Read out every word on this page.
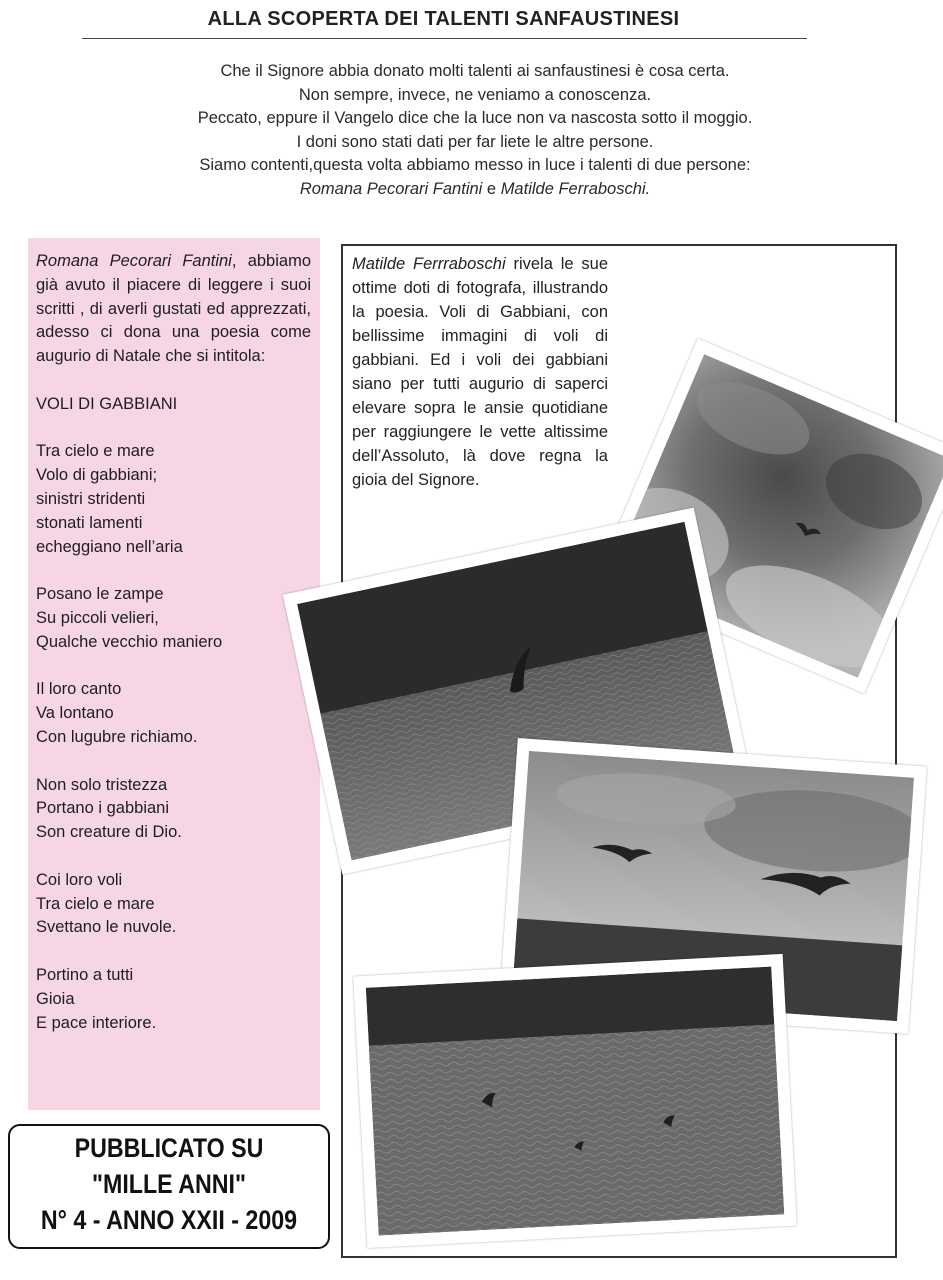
ALLA SCOPERTA DEI TALENTI SANFAUSTINESI
Che il Signore abbia donato molti talenti ai sanfaustinesi è cosa certa.
Non sempre, invece, ne veniamo a conoscenza.
Peccato, eppure il Vangelo dice che la luce non va nascosta sotto il moggio.
I doni sono stati dati per far liete le altre persone.
Siamo contenti,questa volta abbiamo messo in luce i talenti di due persone:
Romana Pecorari Fantini e Matilde Ferraboschi.
Romana Pecorari Fantini, abbiamo già avuto il piacere di leggere i suoi scritti , di averli gustati ed apprezzati, adesso ci dona una poesia come augurio di Natale che si intitola:
VOLI DI GABBIANI
Tra cielo e mare
Volo di gabbiani;
sinistri stridenti
stonati lamenti
echeggiano nell’aria
Posano le zampe
Su piccoli velieri,
Qualche vecchio maniero
Il loro canto
Va lontano
Con lugubre richiamo.
Non solo tristezza
Portano i gabbiani
Son creature di Dio.
Coi loro voli
Tra cielo e mare
Svettano le nuvole.
Portino a tutti
Gioia
E pace interiore.
Matilde Ferrraboschi rivela le sue ottime doti di fotografa, illustrando la poesia. Voli di Gabbiani, con bellissime immagini di voli di gabbiani. Ed i voli dei gabbiani siano per tutti augurio di saperci elevare sopra le ansie quotidiane per raggiungere le vette altissime dell’Assoluto, là dove regna la gioia del Signore.
PUBBLICATO SU
"MILLE ANNI"
N° 4 - ANNO XXII - 2009
